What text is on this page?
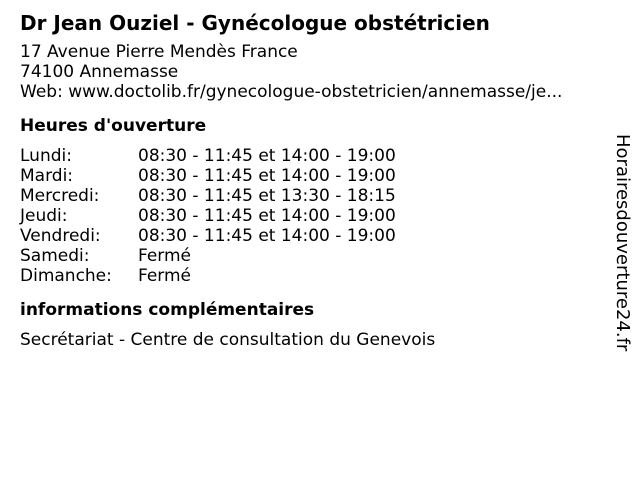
Dr Jean Ouziel - Gynécologue obstétricien
17 Avenue Pierre Mendès France
74100 Annemasse
Web: www.doctolib.fr/gynecologue-obstetricien/annemasse/je...
Heures d'ouverture
Lundi:	08:30 - 11:45 et 14:00 - 19:00
Mardi:	08:30 - 11:45 et 14:00 - 19:00
Mercredi:	08:30 - 11:45 et 13:30 - 18:15
Jeudi:	08:30 - 11:45 et 14:00 - 19:00
Vendredi:	08:30 - 11:45 et 14:00 - 19:00
Samedi:	Fermé
Dimanche:	Fermé
informations complémentaires
Secrétariat - Centre de consultation du Genevois	Horairesdouverture24.fr
